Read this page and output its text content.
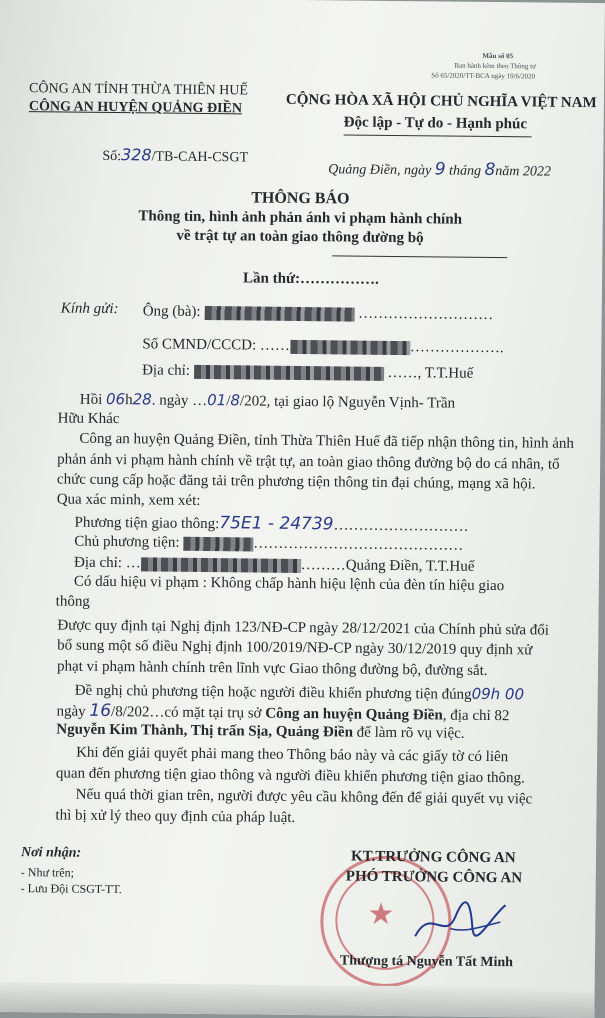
Mẫu số 05
Ban hành kèm theo Thông tư
Số 65/2020/TT-BCA ngày 19/6/2020
CÔNG AN TỈNH THỪA THIÊN HUẾ
CÔNG AN HUYỆN QUẢNG ĐIỀN
Số:328/TB-CAH-CSGT
CỘNG HÒA XÃ HỘI CHỦ NGHĨA VIỆT NAM
Độc lập - Tự do - Hạnh phúc
Quảng Điền, ngày 9 tháng 8năm 2022
THÔNG BÁO
Thông tin, hình ảnh phản ánh vi phạm hành chính
về trật tự an toàn giao thông đường bộ
Lần thứ:…………….
Kính gửi: Ông (bà):	………………………
Số CMND/CCCD: ……	……………….
Địa chỉ:	……, T.T.Huế
Hồi 06h28. ngày …01/8/202, tại giao lộ Nguyễn Vịnh- Trần
Hữu Khác
Công an huyện Quảng Điền, tỉnh Thừa Thiên Huế đã tiếp nhận thông tin, hình ảnh
phản ánh vi phạm hành chính về trật tự, an toàn giao thông đường bộ do cá nhân, tổ
chức cung cấp hoặc đăng tải trên phương tiện thông tin đại chúng, mạng xã hội.
Qua xác minh, xem xét:
Phương tiện giao thông:75E1 - 24739………………………
Chủ phương tiện:	……………………………………
Địa chỉ: …	………Quảng Điền, T.T.Huế
Có dấu hiệu vi phạm : Không chấp hành hiệu lệnh của đèn tín hiệu giao
thông
Được quy định tại Nghị định 123/NĐ-CP ngày 28/12/2021 của Chính phủ sửa đổi
bổ sung một số điều Nghị định 100/2019/NĐ-CP ngày 30/12/2019 quy định xử
phạt vi phạm hành chính trên lĩnh vực Giao thông đường bộ, đường sắt.
Đề nghị chủ phương tiện hoặc người điều khiển phương tiện đúng09h 00
ngày 16/8/202…có mặt tại trụ sở Công an huyện Quảng Điền, địa chỉ 82
Nguyễn Kim Thành, Thị trấn Sịa, Quảng Điền để làm rõ vụ việc.
Khi đến giải quyết phải mang theo Thông báo này và các giấy tờ có liên
quan đến phương tiện giao thông và người điều khiển phương tiện giao thông.
Nếu quá thời gian trên, người được yêu cầu không đến để giải quyết vụ việc
thì bị xử lý theo quy định của pháp luật.
Nơi nhận:
- Như trên;
- Lưu Đội CSGT-TT.
★
KT.TRƯỞNG CÔNG AN
PHÓ TRƯỞNG CÔNG AN
Thượng tá Nguyễn Tất Minh
